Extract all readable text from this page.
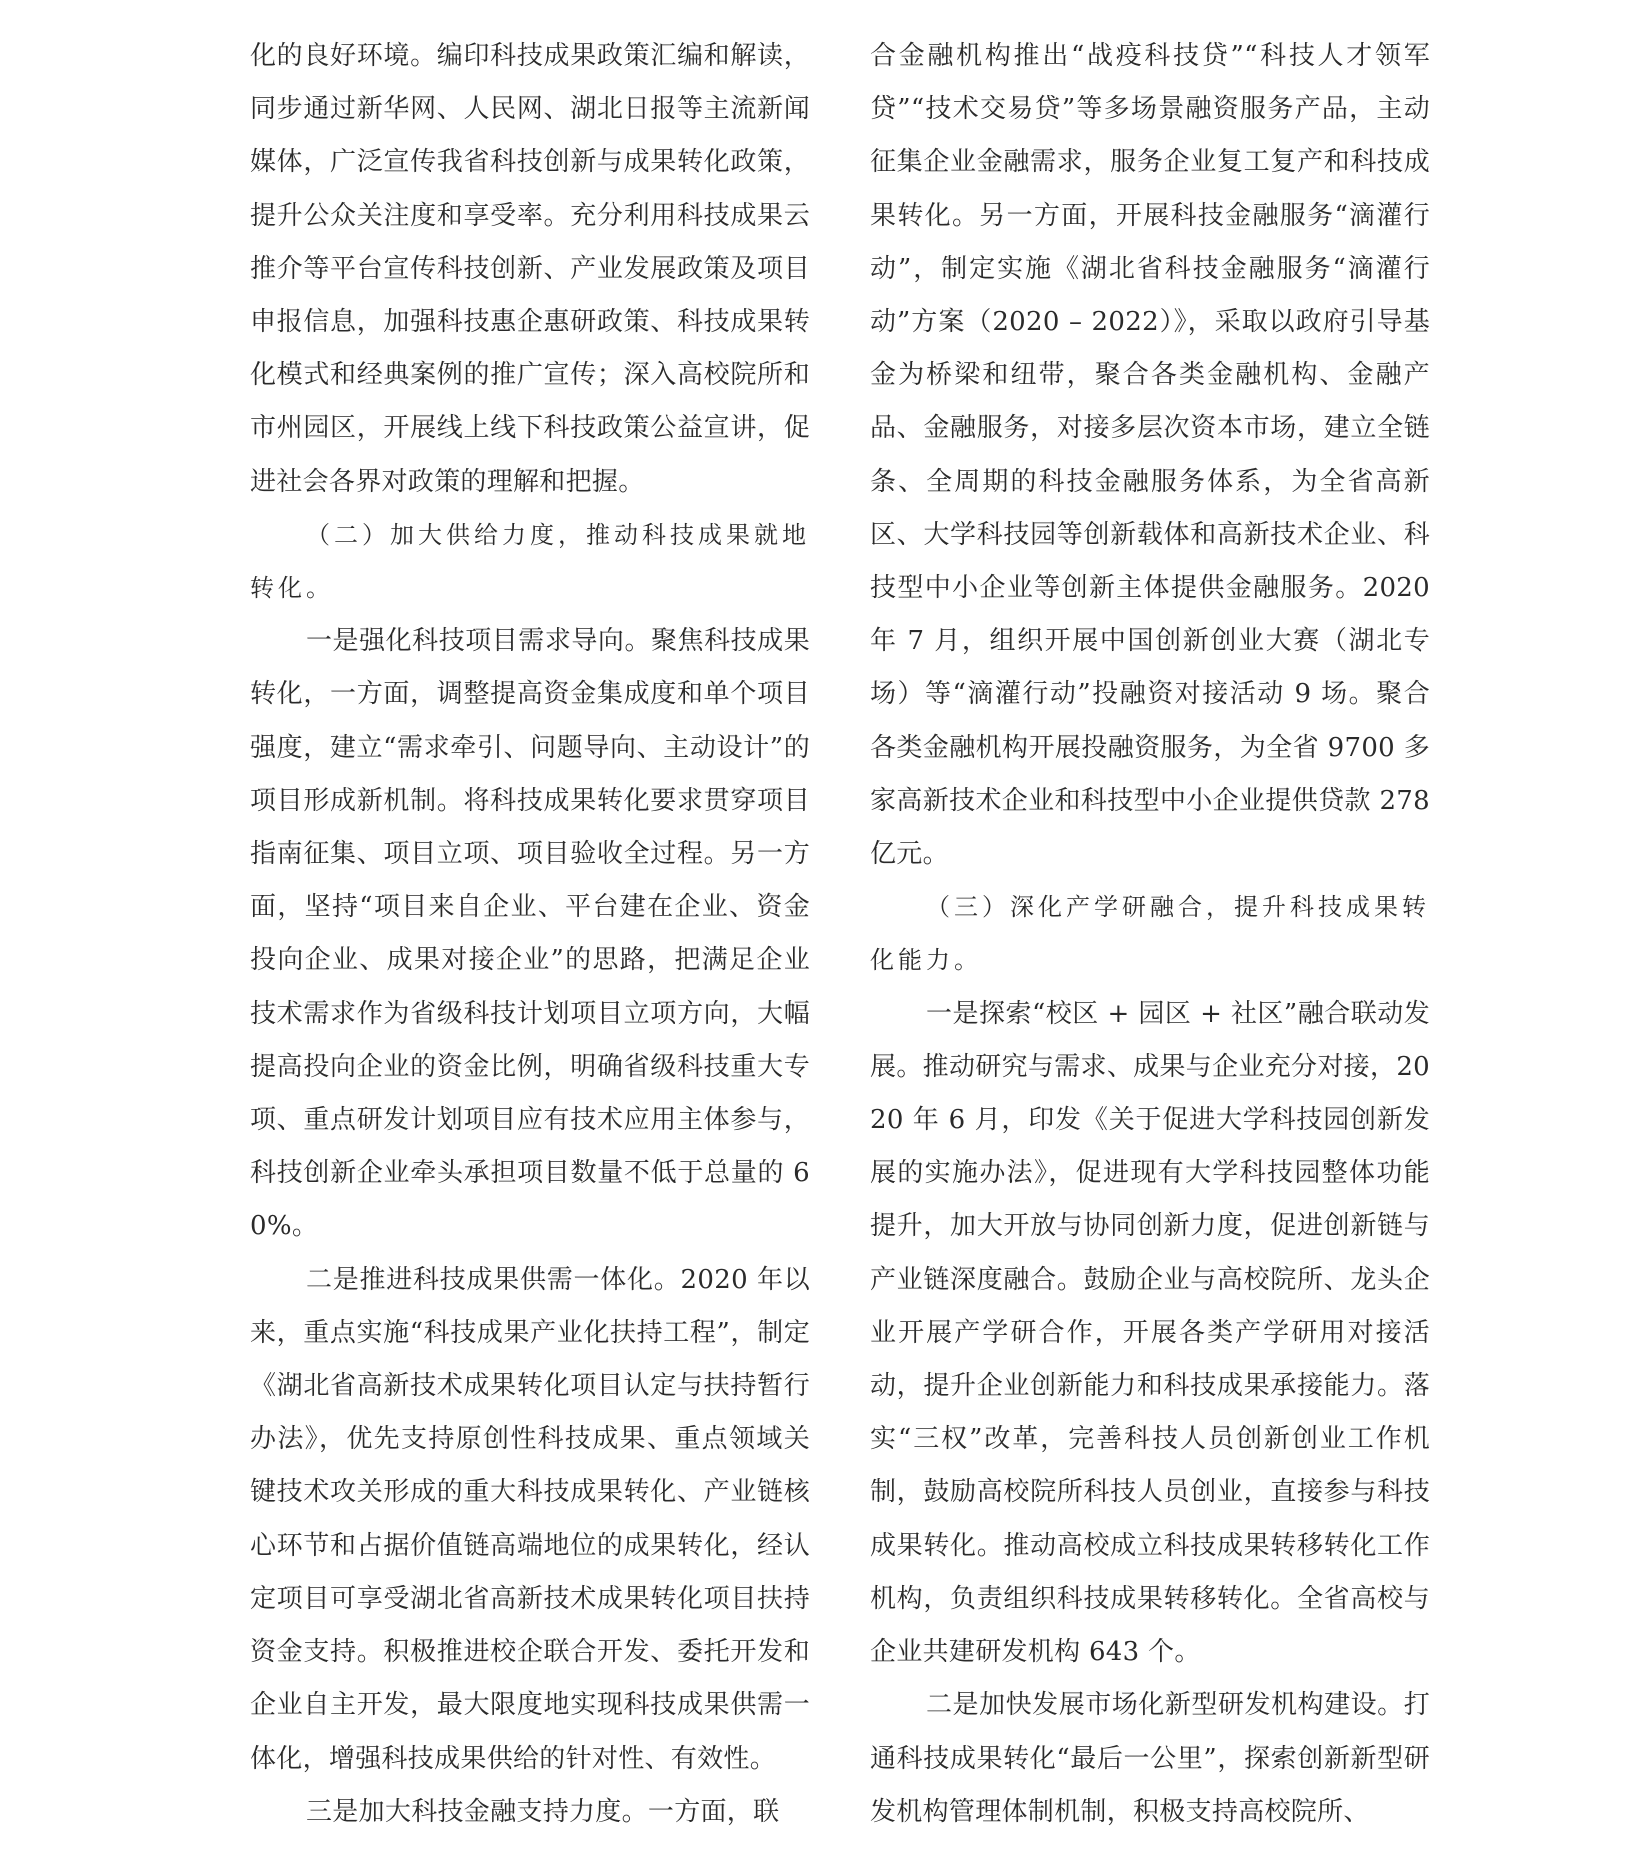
化的良好环境。编印科技成果政策汇编和解读，同步通过新华网、人民网、湖北日报等主流新闻媒体，广泛宣传我省科技创新与成果转化政策，提升公众关注度和享受率。充分利用科技成果云推介等平台宣传科技创新、产业发展政策及项目申报信息，加强科技惠企惠研政策、科技成果转化模式和经典案例的推广宣传；深入高校院所和市州园区，开展线上线下科技政策公益宣讲，促进社会各界对政策的理解和把握。

（二）加大供给力度，推动科技成果就地转化。

一是强化科技项目需求导向。聚焦科技成果转化，一方面，调整提高资金集成度和单个项目强度，建立“需求牵引、问题导向、主动设计”的项目形成新机制。将科技成果转化要求贯穿项目指南征集、项目立项、项目验收全过程。另一方面，坚持“项目来自企业、平台建在企业、资金投向企业、成果对接企业”的思路，把满足企业技术需求作为省级科技计划项目立项方向，大幅提高投向企业的资金比例，明确省级科技重大专项、重点研发计划项目应有技术应用主体参与，科技创新企业牵头承担项目数量不低于总量的 60%。

二是推进科技成果供需一体化。2020 年以来，重点实施“科技成果产业化扶持工程”，制定《湖北省高新技术成果转化项目认定与扶持暂行办法》，优先支持原创性科技成果、重点领域关键技术攻关形成的重大科技成果转化、产业链核心环节和占据价值链高端地位的成果转化，经认定项目可享受湖北省高新技术成果转化项目扶持资金支持。积极推进校企联合开发、委托开发和企业自主开发，最大限度地实现科技成果供需一体化，增强科技成果供给的针对性、有效性。

三是加大科技金融支持力度。一方面，联

合金融机构推出“战疫科技贷”“科技人才领军贷”“技术交易贷”等多场景融资服务产品，主动征集企业金融需求，服务企业复工复产和科技成果转化。另一方面，开展科技金融服务“滴灌行动”，制定实施《湖北省科技金融服务“滴灌行动”方案（2020 – 2022）》，采取以政府引导基金为桥梁和纽带，聚合各类金融机构、金融产品、金融服务，对接多层次资本市场，建立全链条、全周期的科技金融服务体系，为全省高新区、大学科技园等创新载体和高新技术企业、科技型中小企业等创新主体提供金融服务。2020 年 7 月，组织开展中国创新创业大赛（湖北专场）等“滴灌行动”投融资对接活动 9 场。聚合各类金融机构开展投融资服务，为全省 9700 多家高新技术企业和科技型中小企业提供贷款 278 亿元。

（三）深化产学研融合，提升科技成果转化能力。

一是探索“校区 + 园区 + 社区”融合联动发展。推动研究与需求、成果与企业充分对接，2020 年 6 月，印发《关于促进大学科技园创新发展的实施办法》，促进现有大学科技园整体功能提升，加大开放与协同创新力度，促进创新链与产业链深度融合。鼓励企业与高校院所、龙头企业开展产学研合作，开展各类产学研用对接活动，提升企业创新能力和科技成果承接能力。落实“三权”改革，完善科技人员创新创业工作机制，鼓励高校院所科技人员创业，直接参与科技成果转化。推动高校成立科技成果转移转化工作机构，负责组织科技成果转移转化。全省高校与企业共建研发机构 643 个。

二是加快发展市场化新型研发机构建设。打通科技成果转化“最后一公里”，探索创新新型研发机构管理体制机制，积极支持高校院所、
